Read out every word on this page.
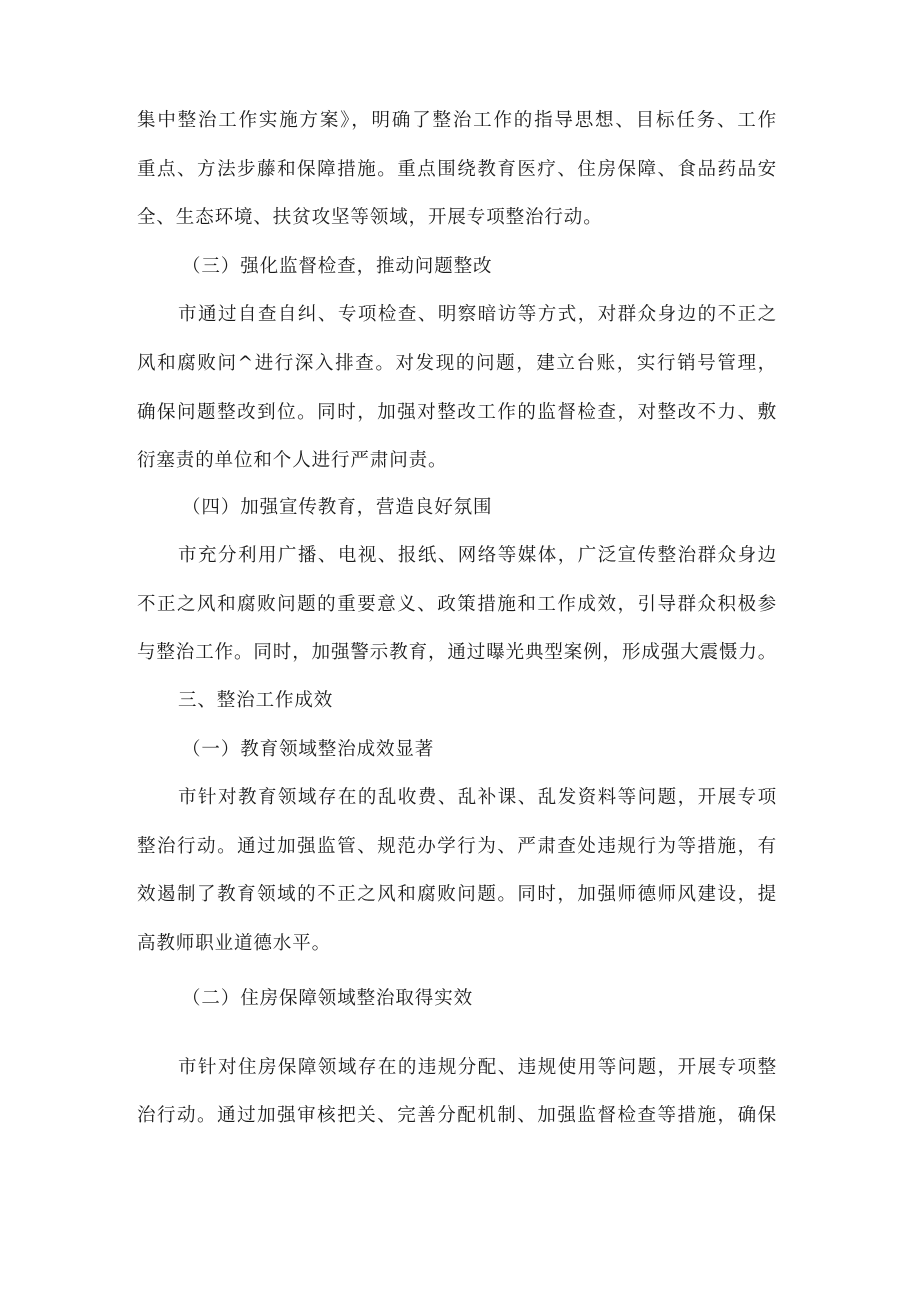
集中整治工作实施方案》，明确了整治工作的指导思想、目标任务、工作
重点、方法步藤和保障措施。重点围绕教育医疗、住房保障、食品药品安
全、生态环境、扶贫攻坚等领域，开展专项整治行动。
（三）强化监督检查，推动问题整改
市通过自查自纠、专项检查、明察暗访等方式，对群众身边的不正之
风和腐败问^进行深入排查。对发现的问题，建立台账，实行销号管理，
确保问题整改到位。同时，加强对整改工作的监督检查，对整改不力、敷
衍塞责的单位和个人进行严肃问责。
（四）加强宣传教育，营造良好氛围
市充分利用广播、电视、报纸、网络等媒体，广泛宣传整治群众身边
不正之风和腐败问题的重要意义、政策措施和工作成效，引导群众积极参
与整治工作。同时，加强警示教育，通过曝光典型案例，形成强大震慑力。
三、整治工作成效
（一）教育领域整治成效显著
市针对教育领域存在的乱收费、乱补课、乱发资料等问题，开展专项
整治行动。通过加强监管、规范办学行为、严肃查处违规行为等措施，有
效遏制了教育领域的不正之风和腐败问题。同时，加强师德师风建设，提
高教师职业道德水平。
（二）住房保障领域整治取得实效
市针对住房保障领域存在的违规分配、违规使用等问题，开展专项整
治行动。通过加强审核把关、完善分配机制、加强监督检查等措施，确保
